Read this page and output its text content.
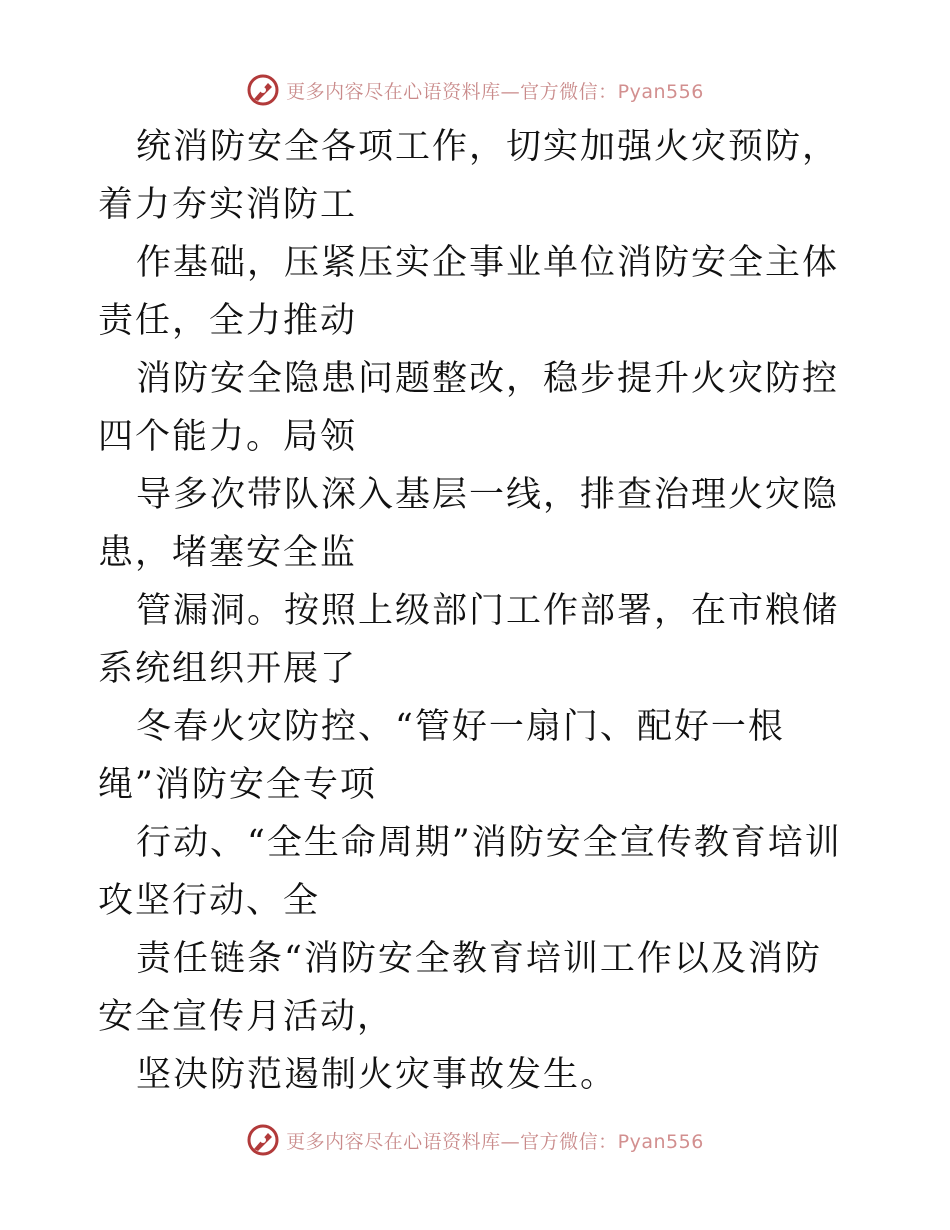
更多内容尽在心语资料库—官方微信：Pyan556

统消防安全各项工作，切实加强火灾预防，着力夯实消防工

作基础，压紧压实企事业单位消防安全主体责任，全力推动

消防安全隐患问题整改，稳步提升火灾防控四个能力。局领

导多次带队深入基层一线，排查治理火灾隐患，堵塞安全监

管漏洞。按照上级部门工作部署，在市粮储系统组织开展了

冬春火灾防控、“管好一扇门、配好一根绳”消防安全专项

行动、“全生命周期”消防安全宣传教育培训攻坚行动、全

责任链条“消防安全教育培训工作以及消防安全宣传月活动，

坚决防范遏制火灾事故发生。

更多内容尽在心语资料库—官方微信：Pyan556
